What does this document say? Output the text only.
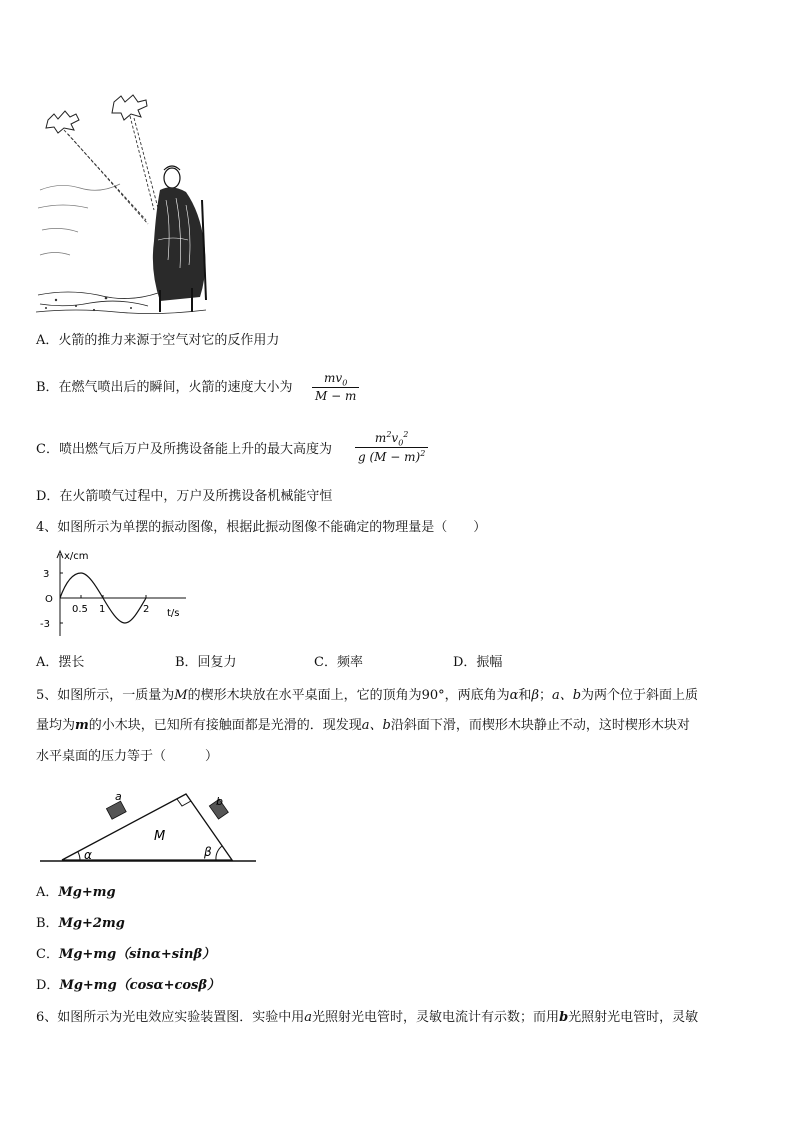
A．火箭的推力来源于空气对它的反作用力
B．在燃气喷出后的瞬间，火箭的速度大小为 $\frac{mv_0}{M - m}$
C．喷出燃气后万户及所携设备能上升的最大高度为 $\frac{m^2v_0^2}{g (M - m)^2}$
D．在火箭喷气过程中，万户及所携设备机械能守恒
4、如图所示为单摆的振动图像，根据此振动图像不能确定的物理量是（　　）
x/cm
3
O
-3
0.5 1	2 t/s
A．摆长	B．回复力	C．频率	D．振幅
5、如图所示，一质量为M的楔形木块放在水平桌面上，它的顶角为90°，两底角为α和β；a、b为两个位于斜面上质
量均为m的小木块，已知所有接触面都是光滑的．现发现a、b沿斜面下滑，而楔形木块静止不动，这时楔形木块对
水平桌面的压力等于（　　　）
a	b
M
α	β
A．Mg+mg
B．Mg+2mg
C．Mg+mg（sinα+sinβ）
D．Mg+mg（cosα+cosβ）
6、如图所示为光电效应实验装置图．实验中用a光照射光电管时，灵敏电流计有示数；而用b光照射光电管时，灵敏
